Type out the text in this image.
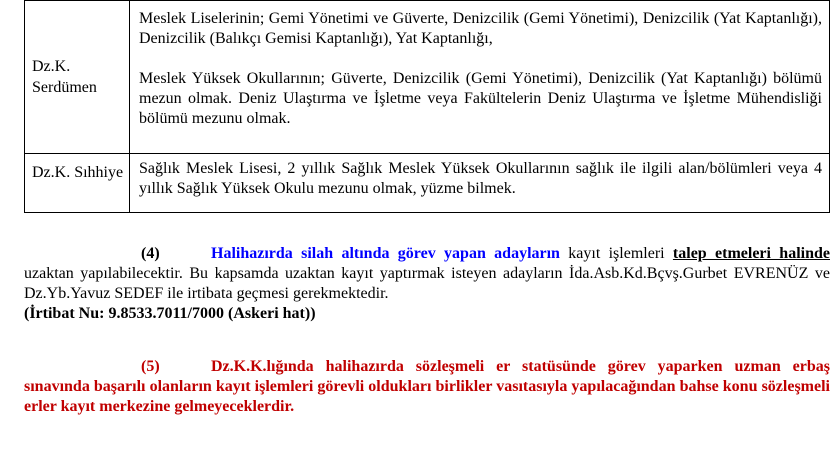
Dz.K. Serdümen	Meslek Liselerinin; Gemi Yönetimi ve Güverte, Denizcilik (Gemi Yönetimi), Denizcilik (Yat Kaptanlığı), Denizcilik (Balıkçı Gemisi Kaptanlığı), Yat Kaptanlığı,

Meslek Yüksek Okullarının; Güverte, Denizcilik (Gemi Yönetimi), Denizcilik (Yat Kaptanlığı) bölümü mezun olmak. Deniz Ulaştırma ve İşletme veya Fakültelerin Deniz Ulaştırma ve İşletme Mühendisliği bölümü mezunu olmak.

Dz.K. Sıhhiye	Sağlık Meslek Lisesi, 2 yıllık Sağlık Meslek Yüksek Okullarının sağlık ile ilgili alan/bölümleri veya 4 yıllık Sağlık Yüksek Okulu mezunu olmak, yüzme bilmek.

(4)	Halihazırda silah altında görev yapan adayların kayıt işlemleri talep etmeleri halinde uzaktan yapılabilecektir. Bu kapsamda uzaktan kayıt yaptırmak isteyen adayların İda.Asb.Kd.Bçvş.Gurbet EVRENÜZ ve Dz.Yb.Yavuz SEDEF ile irtibata geçmesi gerekmektedir.
(İrtibat Nu: 9.8533.7011/7000 (Askeri hat))

(5)	Dz.K.K.lığında halihazırda sözleşmeli er statüsünde görev yaparken uzman erbaş sınavında başarılı olanların kayıt işlemleri görevli oldukları birlikler vasıtasıyla yapılacağından bahse konu sözleşmeli erler kayıt merkezine gelmeyeceklerdir.
